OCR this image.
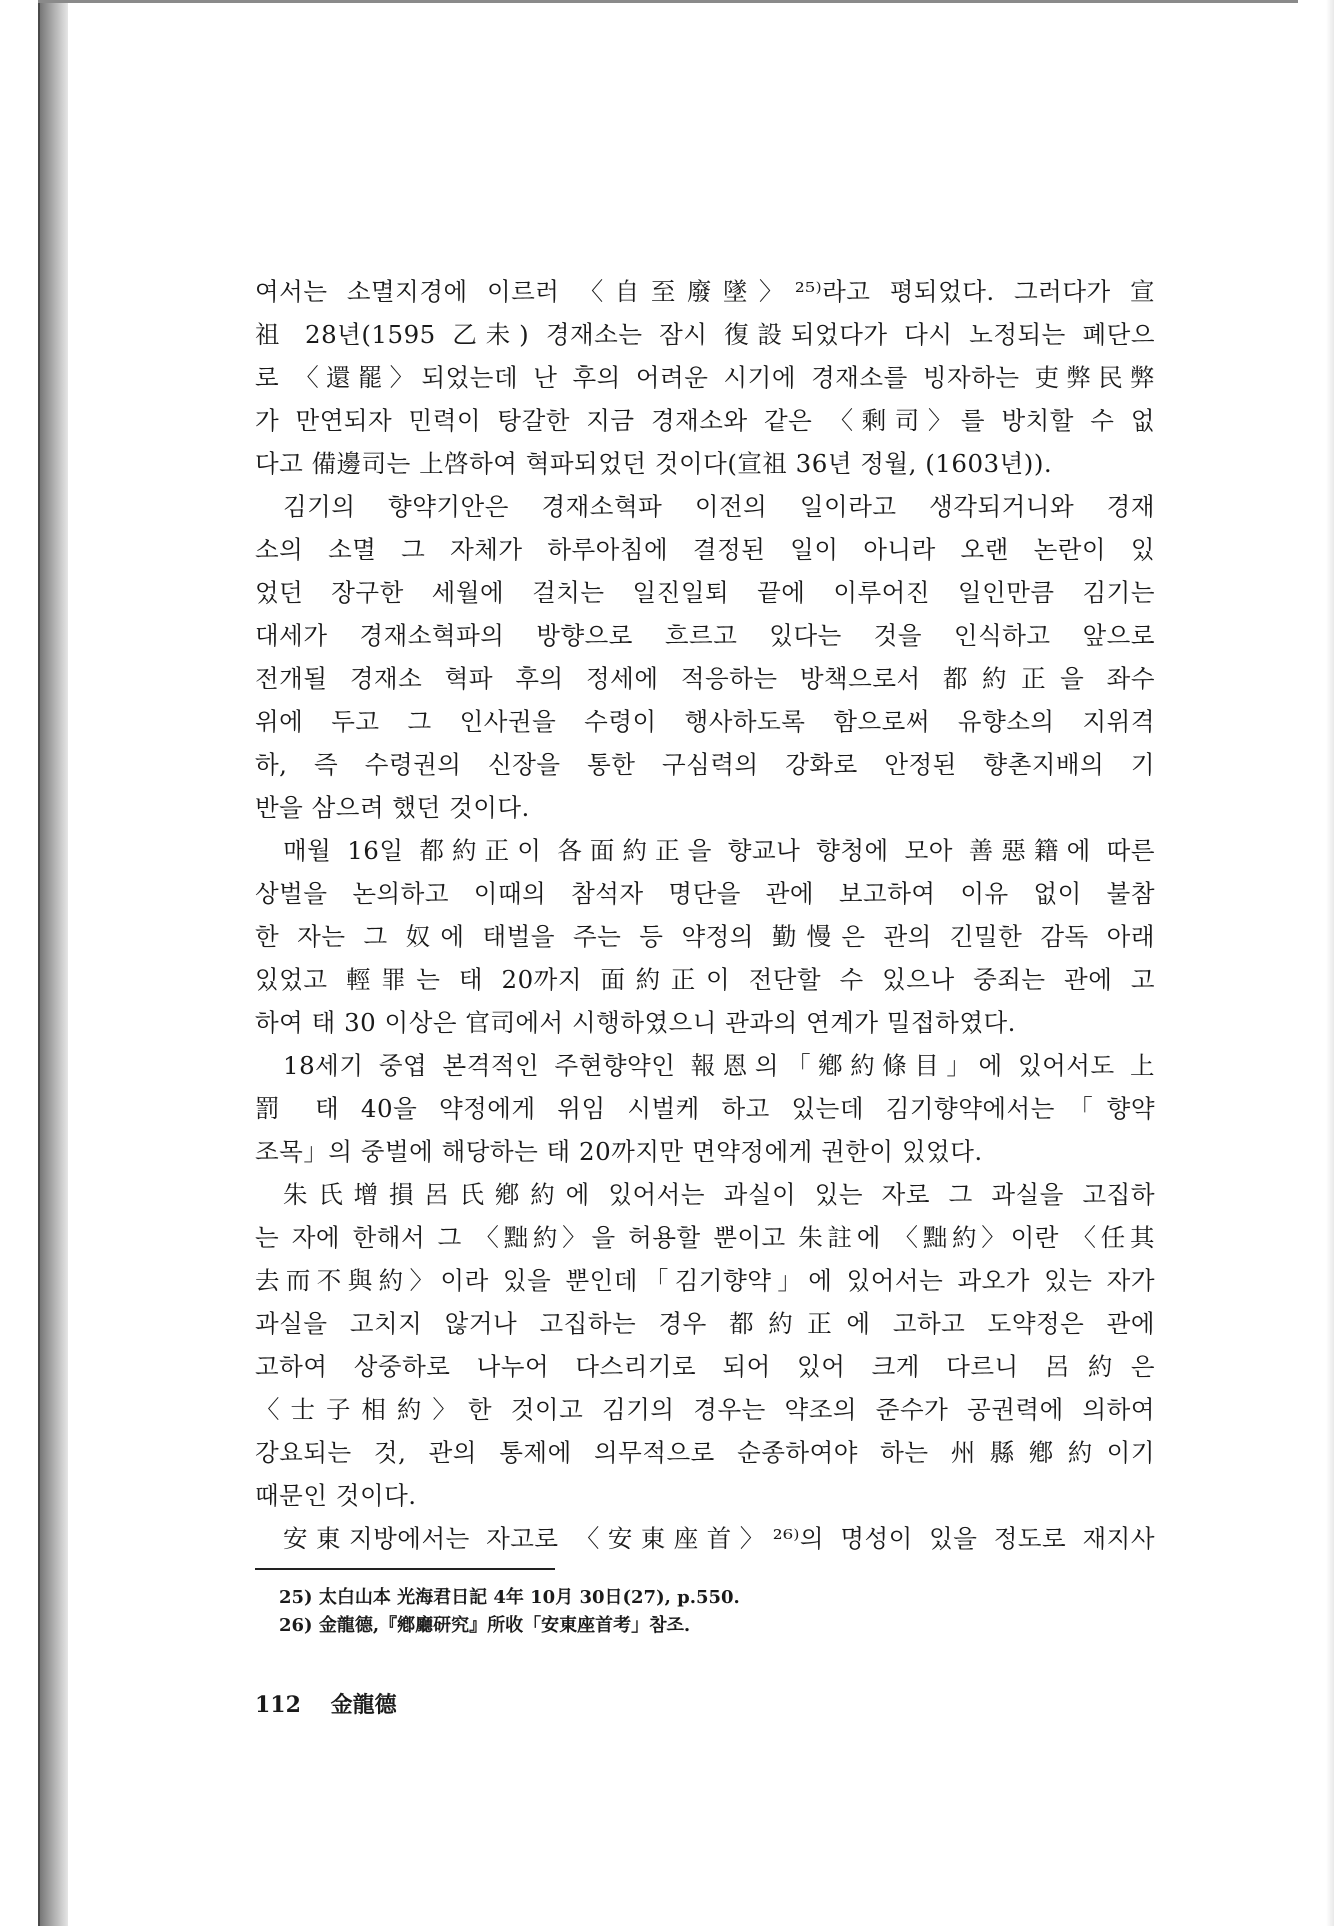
여서는 소멸지경에 이르러 〈自至廢墜〉²⁵⁾라고 평되었다. 그러다가 宣
祖 28년(1595 乙未) 경재소는 잠시 復設되었다가 다시 노정되는 폐단으
로 〈還罷〉되었는데 난 후의 어려운 시기에 경재소를 빙자하는 吏弊民弊
가 만연되자 민력이 탕갈한 지금 경재소와 같은 〈剩司〉를 방치할 수 없
다고 備邊司는 上啓하여 혁파되었던 것이다(宣祖 36년 정월, (1603년)).
김기의 향약기안은 경재소혁파 이전의 일이라고 생각되거니와 경재
소의 소멸 그 자체가 하루아침에 결정된 일이 아니라 오랜 논란이 있
었던 장구한 세월에 걸치는 일진일퇴 끝에 이루어진 일인만큼 김기는
대세가 경재소혁파의 방향으로 흐르고 있다는 것을 인식하고 앞으로
전개될 경재소 혁파 후의 정세에 적응하는 방책으로서 都約正을 좌수
위에 두고 그 인사권을 수령이 행사하도록 함으로써 유향소의 지위격
하, 즉 수령권의 신장을 통한 구심력의 강화로 안정된 향촌지배의 기
반을 삼으려 했던 것이다.
매월 16일 都約正이 各面約正을 향교나 향청에 모아 善惡籍에 따른
상벌을 논의하고 이때의 참석자 명단을 관에 보고하여 이유 없이 불참
한 자는 그 奴에 태벌을 주는 등 약정의 勤慢은 관의 긴밀한 감독 아래
있었고 輕罪는 태 20까지 面約正이 전단할 수 있으나 중죄는 관에 고
하여 태 30 이상은 官司에서 시행하였으니 관과의 연계가 밀접하였다.
18세기 중엽 본격적인 주현향약인 報恩의「鄕約條目」에 있어서도 上
罰 태 40을 약정에게 위임 시벌케 하고 있는데 김기향약에서는「향약
조목」의 중벌에 해당하는 태 20까지만 면약정에게 권한이 있었다.
朱氏增損呂氏鄕約에 있어서는 과실이 있는 자로 그 과실을 고집하
는 자에 한해서 그 〈黜約〉을 허용할 뿐이고 朱註에 〈黜約〉이란 〈任其
去而不與約〉이라 있을 뿐인데「김기향약」에 있어서는 과오가 있는 자가
과실을 고치지 않거나 고집하는 경우 都約正에 고하고 도약정은 관에
고하여 상중하로 나누어 다스리기로 되어 있어 크게 다르니 呂約은
〈士子相約〉한 것이고 김기의 경우는 약조의 준수가 공권력에 의하여
강요되는 것, 관의 통제에 의무적으로 순종하여야 하는 州縣鄕約이기
때문인 것이다.
安東지방에서는 자고로 〈安東座首〉²⁶⁾의 명성이 있을 정도로 재지사
25) 太白山本 光海君日記 4年 10月 30日(27), p.550.
26) 金龍德,『鄕廳研究』所收「安東座首考」참조.
112 金龍德
